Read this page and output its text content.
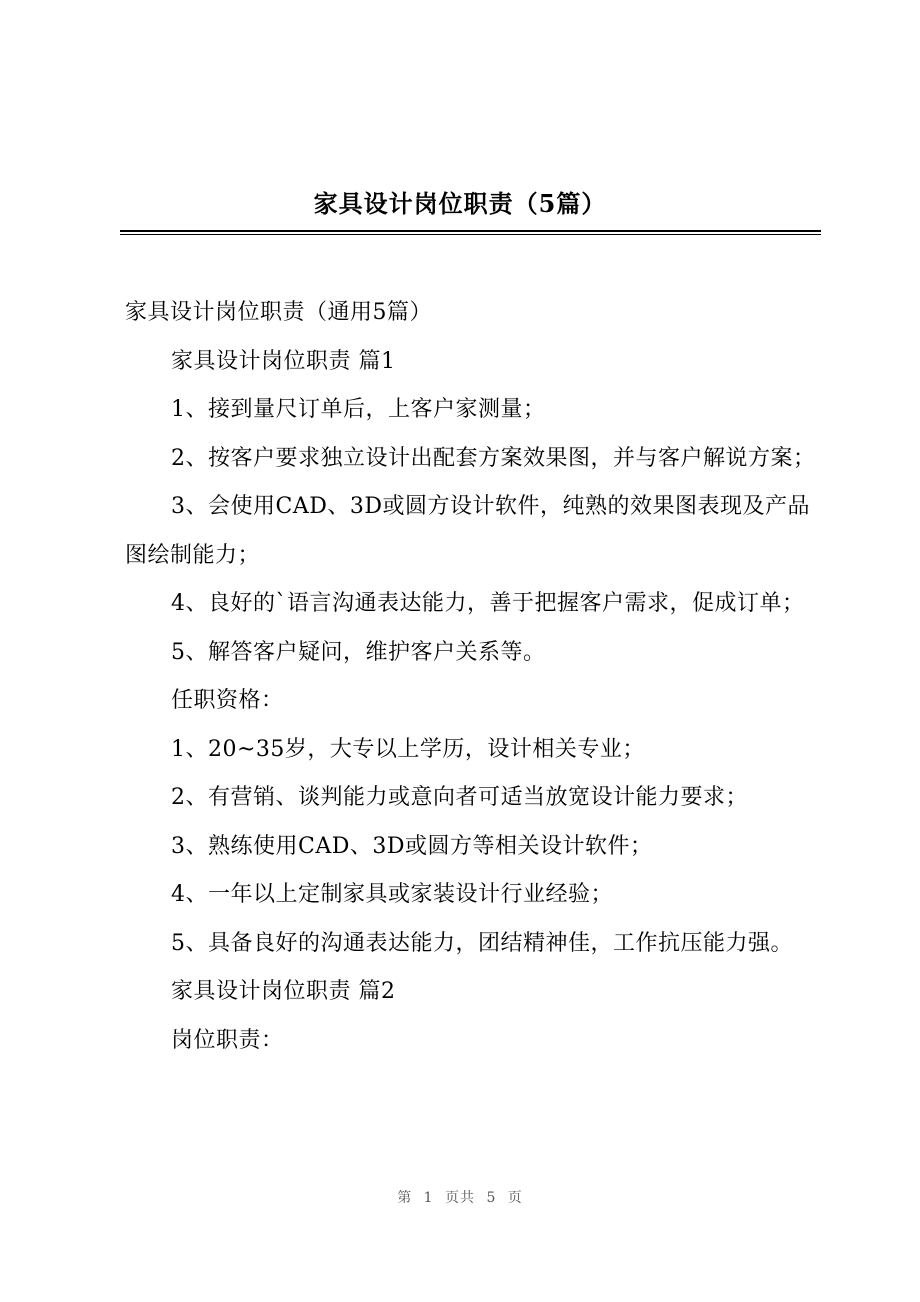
家具设计岗位职责（5篇）

家具设计岗位职责（通用5篇）

家具设计岗位职责 篇1

1、接到量尺订单后，上客户家测量；

2、按客户要求独立设计出配套方案效果图，并与客户解说方案；

3、会使用CAD、3D或圆方设计软件，纯熟的效果图表现及产品图绘制能力；

4、良好的`语言沟通表达能力，善于把握客户需求，促成订单；

5、解答客户疑问，维护客户关系等。

任职资格：

1、20~35岁，大专以上学历，设计相关专业；

2、有营销、谈判能力或意向者可适当放宽设计能力要求；

3、熟练使用CAD、3D或圆方等相关设计软件；

4、一年以上定制家具或家装设计行业经验；

5、具备良好的沟通表达能力，团结精神佳，工作抗压能力强。

家具设计岗位职责 篇2

岗位职责：

第 1 页共 5 页
